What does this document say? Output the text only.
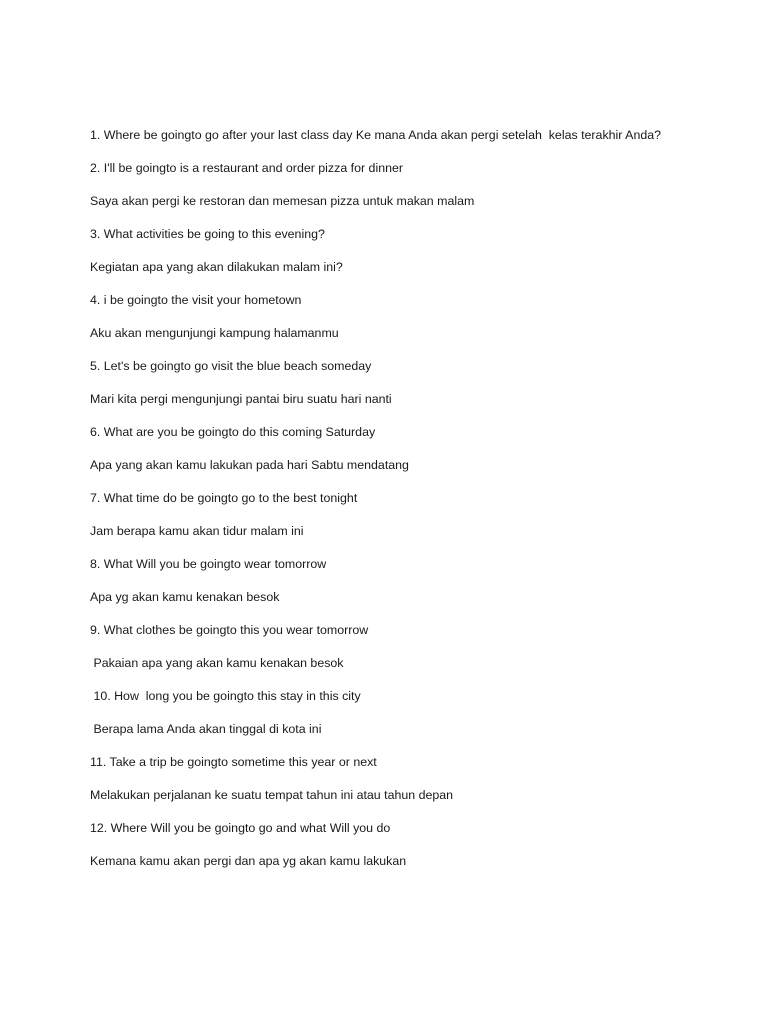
1. Where be goingto go after your last class day Ke mana Anda akan pergi setelah  kelas terakhir Anda?
2. I'll be goingto is a restaurant and order pizza for dinner
Saya akan pergi ke restoran dan memesan pizza untuk makan malam
3. What activities be going to this evening?
Kegiatan apa yang akan dilakukan malam ini?
4. i be goingto the visit your hometown
Aku akan mengunjungi kampung halamanmu
5. Let's be goingto go visit the blue beach someday
Mari kita pergi mengunjungi pantai biru suatu hari nanti
6. What are you be goingto do this coming Saturday
Apa yang akan kamu lakukan pada hari Sabtu mendatang
7. What time do be goingto go to the best tonight
Jam berapa kamu akan tidur malam ini
8. What Will you be goingto wear tomorrow
Apa yg akan kamu kenakan besok
9. What clothes be goingto this you wear tomorrow
Pakaian apa yang akan kamu kenakan besok
10. How  long you be goingto this stay in this city
Berapa lama Anda akan tinggal di kota ini
11. Take a trip be goingto sometime this year or next
Melakukan perjalanan ke suatu tempat tahun ini atau tahun depan
12. Where Will you be goingto go and what Will you do
Kemana kamu akan pergi dan apa yg akan kamu lakukan
